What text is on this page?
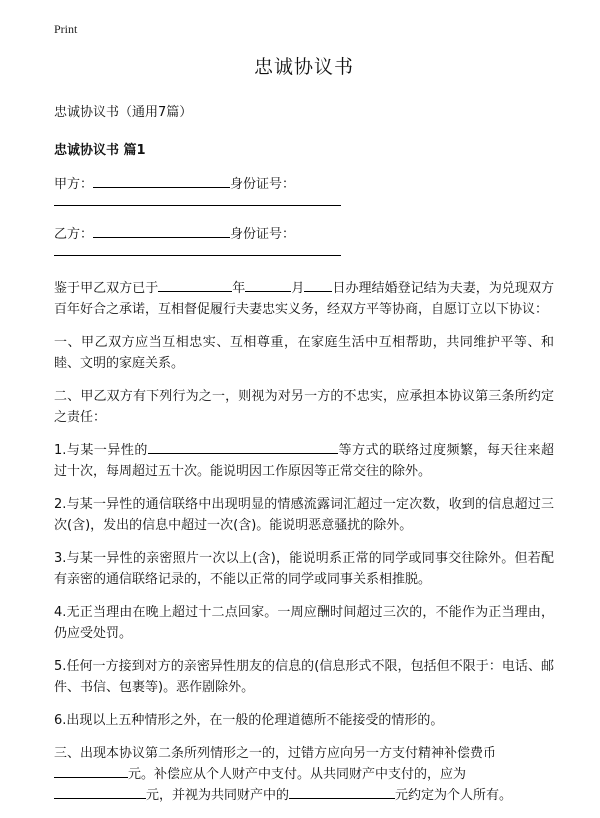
Print
忠诚协议书
忠诚协议书（通用7篇）
忠诚协议书 篇1
甲方：	身份证号：
乙方：	身份证号：

鉴于甲乙双方已于	年	月 日办理结婚登记结为夫妻，为兑现双方百年好合之承诺，互相督促履行夫妻忠实义务，经双方平等协商，自愿订立以下协议：

一、甲乙双方应当互相忠实、互相尊重，在家庭生活中互相帮助，共同维护平等、和睦、文明的家庭关系。

二、甲乙双方有下列行为之一，则视为对另一方的不忠实，应承担本协议第三条所约定之责任：

1.与某一异性的	等方式的联络过度频繁，每天往来超过十次，每周超过五十次。能说明因工作原因等正常交往的除外。

2.与某一异性的通信联络中出现明显的情感流露词汇超过一定次数，收到的信息超过三次(含)，发出的信息中超过一次(含)。能说明恶意骚扰的除外。

3.与某一异性的亲密照片一次以上(含)，能说明系正常的同学或同事交往除外。但若配有亲密的通信联络记录的，不能以正常的同学或同事关系相推脱。

4.无正当理由在晚上超过十二点回家。一周应酬时间超过三次的，不能作为正当理由，仍应受处罚。

5.任何一方接到对方的亲密异性朋友的信息的(信息形式不限，包括但不限于：电话、邮件、书信、包裹等)。恶作剧除外。

6.出现以上五种情形之外，在一般的伦理道德所不能接受的情形的。

三、出现本协议第二条所列情形之一的，过错方应向另一方支付精神补偿费币
元。补偿应从个人财产中支付。从共同财产中支付的，应为
元，并视为共同财产中的	元约定为个人所有。
